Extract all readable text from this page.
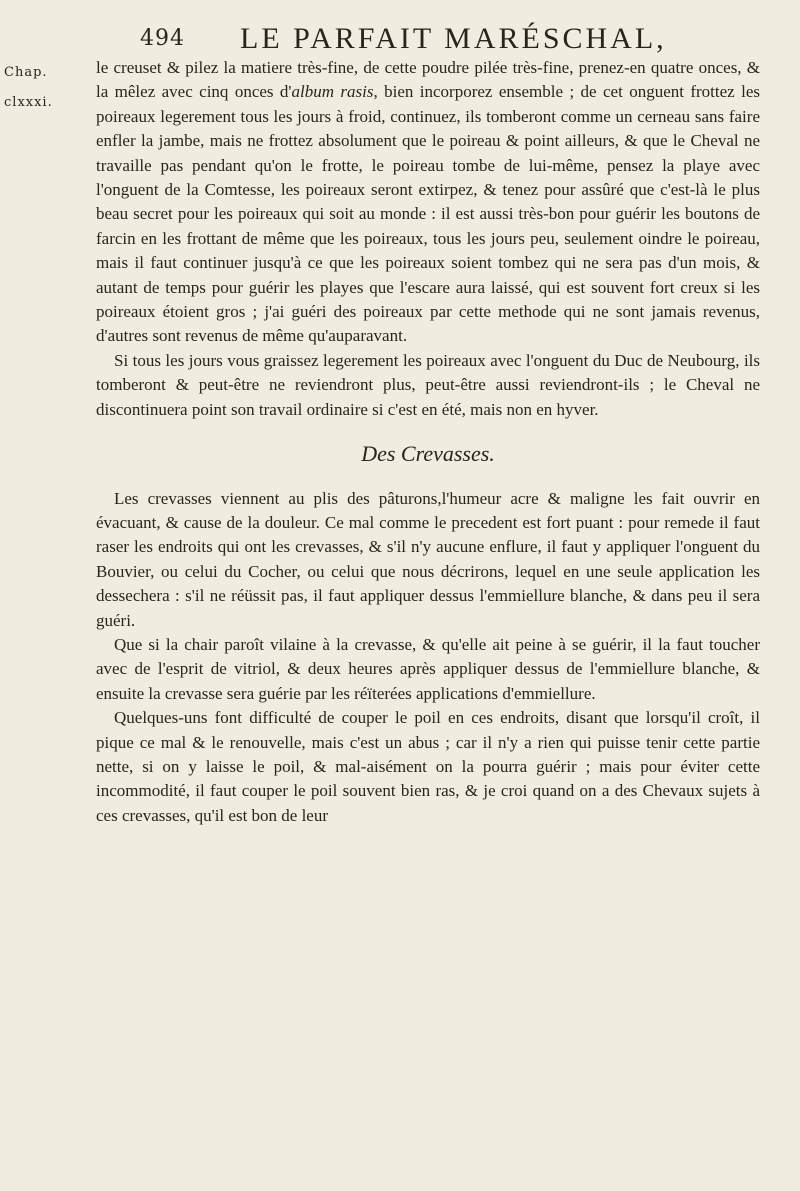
494 LE PARFAIT MARÉSCHAL,
Chap.
clxxxi.

le creuset & pilez la matiere très-fine, de cette poudre pilée très-fine, prenez-en quatre onces, & la mêlez avec cinq onces d'album rasis, bien incorporez ensemble ; de cet onguent frottez les poireaux legerement tous les jours à froid, continuez, ils tomberont comme un cerneau sans faire enfler la jambe, mais ne frottez absolument que le poireau & point ailleurs, & que le Cheval ne travaille pas pendant qu'on le frotte, le poireau tombe de lui-même, pensez la playe avec l'onguent de la Comtesse, les poireaux seront extirpez, & tenez pour assûré que c'est-là le plus beau secret pour les poireaux qui soit au monde : il est aussi très-bon pour guérir les boutons de farcin en les frottant de même que les poireaux, tous les jours peu, seulement oindre le poireau, mais il faut continuer jusqu'à ce que les poireaux soient tombez qui ne sera pas d'un mois, & autant de temps pour guérir les playes que l'escare aura laissé, qui est souvent fort creux si les poireaux étoient gros ; j'ai guéri des poireaux par cette methode qui ne sont jamais revenus, d'autres sont revenus de même qu'auparavant.

Si tous les jours vous graissez legerement les poireaux avec l'onguent du Duc de Neubourg, ils tomberont & peut-être ne reviendront plus, peut-être aussi reviendront-ils ; le Cheval ne discontinuera point son travail ordinaire si c'est en été, mais non en hyver.

Des Crevasses.

Les crevasses viennent au plis des pâturons,l'humeur acre & maligne les fait ouvrir en évacuant, & cause de la douleur. Ce mal comme le precedent est fort puant : pour remede il faut raser les endroits qui ont les crevasses, & s'il n'y aucune enflure, il faut y appliquer l'onguent du Bouvier, ou celui du Cocher, ou celui que nous décrirons, lequel en une seule application les dessechera : s'il ne réüssit pas, il faut appliquer dessus l'emmiellure blanche, & dans peu il sera guéri.

Que si la chair paroît vilaine à la crevasse, & qu'elle ait peine à se guérir, il la faut toucher avec de l'esprit de vitriol, & deux heures après appliquer dessus de l'emmiellure blanche, & ensuite la crevasse sera guérie par les réïterées applications d'emmiellure.

Quelques-uns font difficulté de couper le poil en ces endroits, disant que lorsqu'il croît, il pique ce mal & le renouvelle, mais c'est un abus ; car il n'y a rien qui puisse tenir cette partie nette, si on y laisse le poil, & mal-aisément on la pourra guérir ; mais pour éviter cette incommodité, il faut couper le poil souvent bien ras, & je croi quand on a des Chevaux sujets à ces crevasses, qu'il est bon de leur
